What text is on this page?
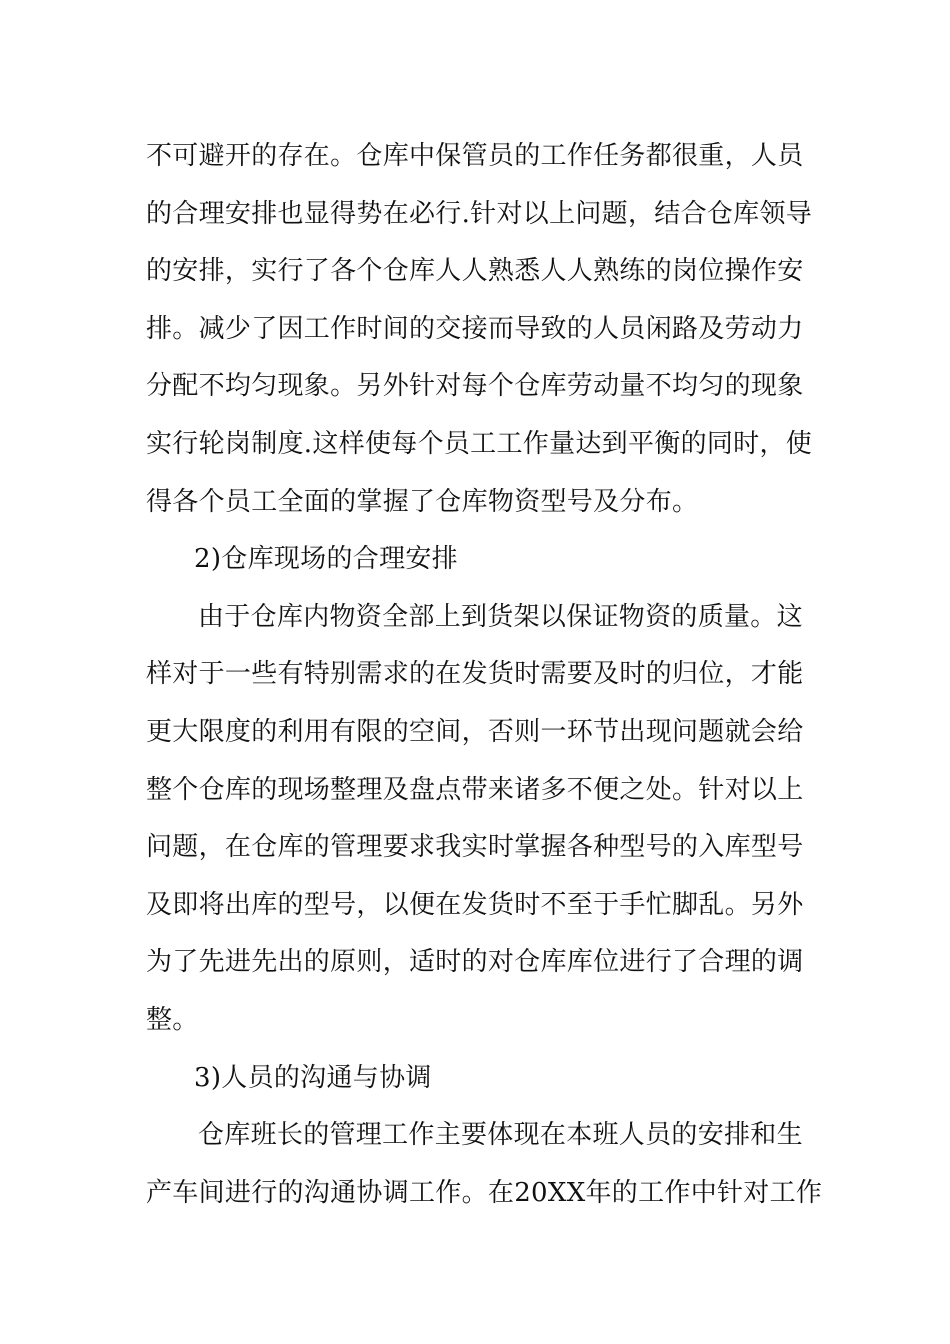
不可避开的存在。仓库中保管员的工作任务都很重，人员
的合理安排也显得势在必行.针对以上问题，结合仓库领导
的安排，实行了各个仓库人人熟悉人人熟练的岗位操作安
排。减少了因工作时间的交接而导致的人员闲路及劳动力
分配不均匀现象。另外针对每个仓库劳动量不均匀的现象
实行轮岗制度.这样使每个员工工作量达到平衡的同时，使
得各个员工全面的掌握了仓库物资型号及分布。
2)仓库现场的合理安排
由于仓库内物资全部上到货架以保证物资的质量。这
样对于一些有特别需求的在发货时需要及时的归位，才能
更大限度的利用有限的空间，否则一环节出现问题就会给
整个仓库的现场整理及盘点带来诸多不便之处。针对以上
问题，在仓库的管理要求我实时掌握各种型号的入库型号
及即将出库的型号，以便在发货时不至于手忙脚乱。另外
为了先进先出的原则，适时的对仓库库位进行了合理的调
整。
3)人员的沟通与协调
仓库班长的管理工作主要体现在本班人员的安排和生
产车间进行的沟通协调工作。在20XX年的工作中针对工作
